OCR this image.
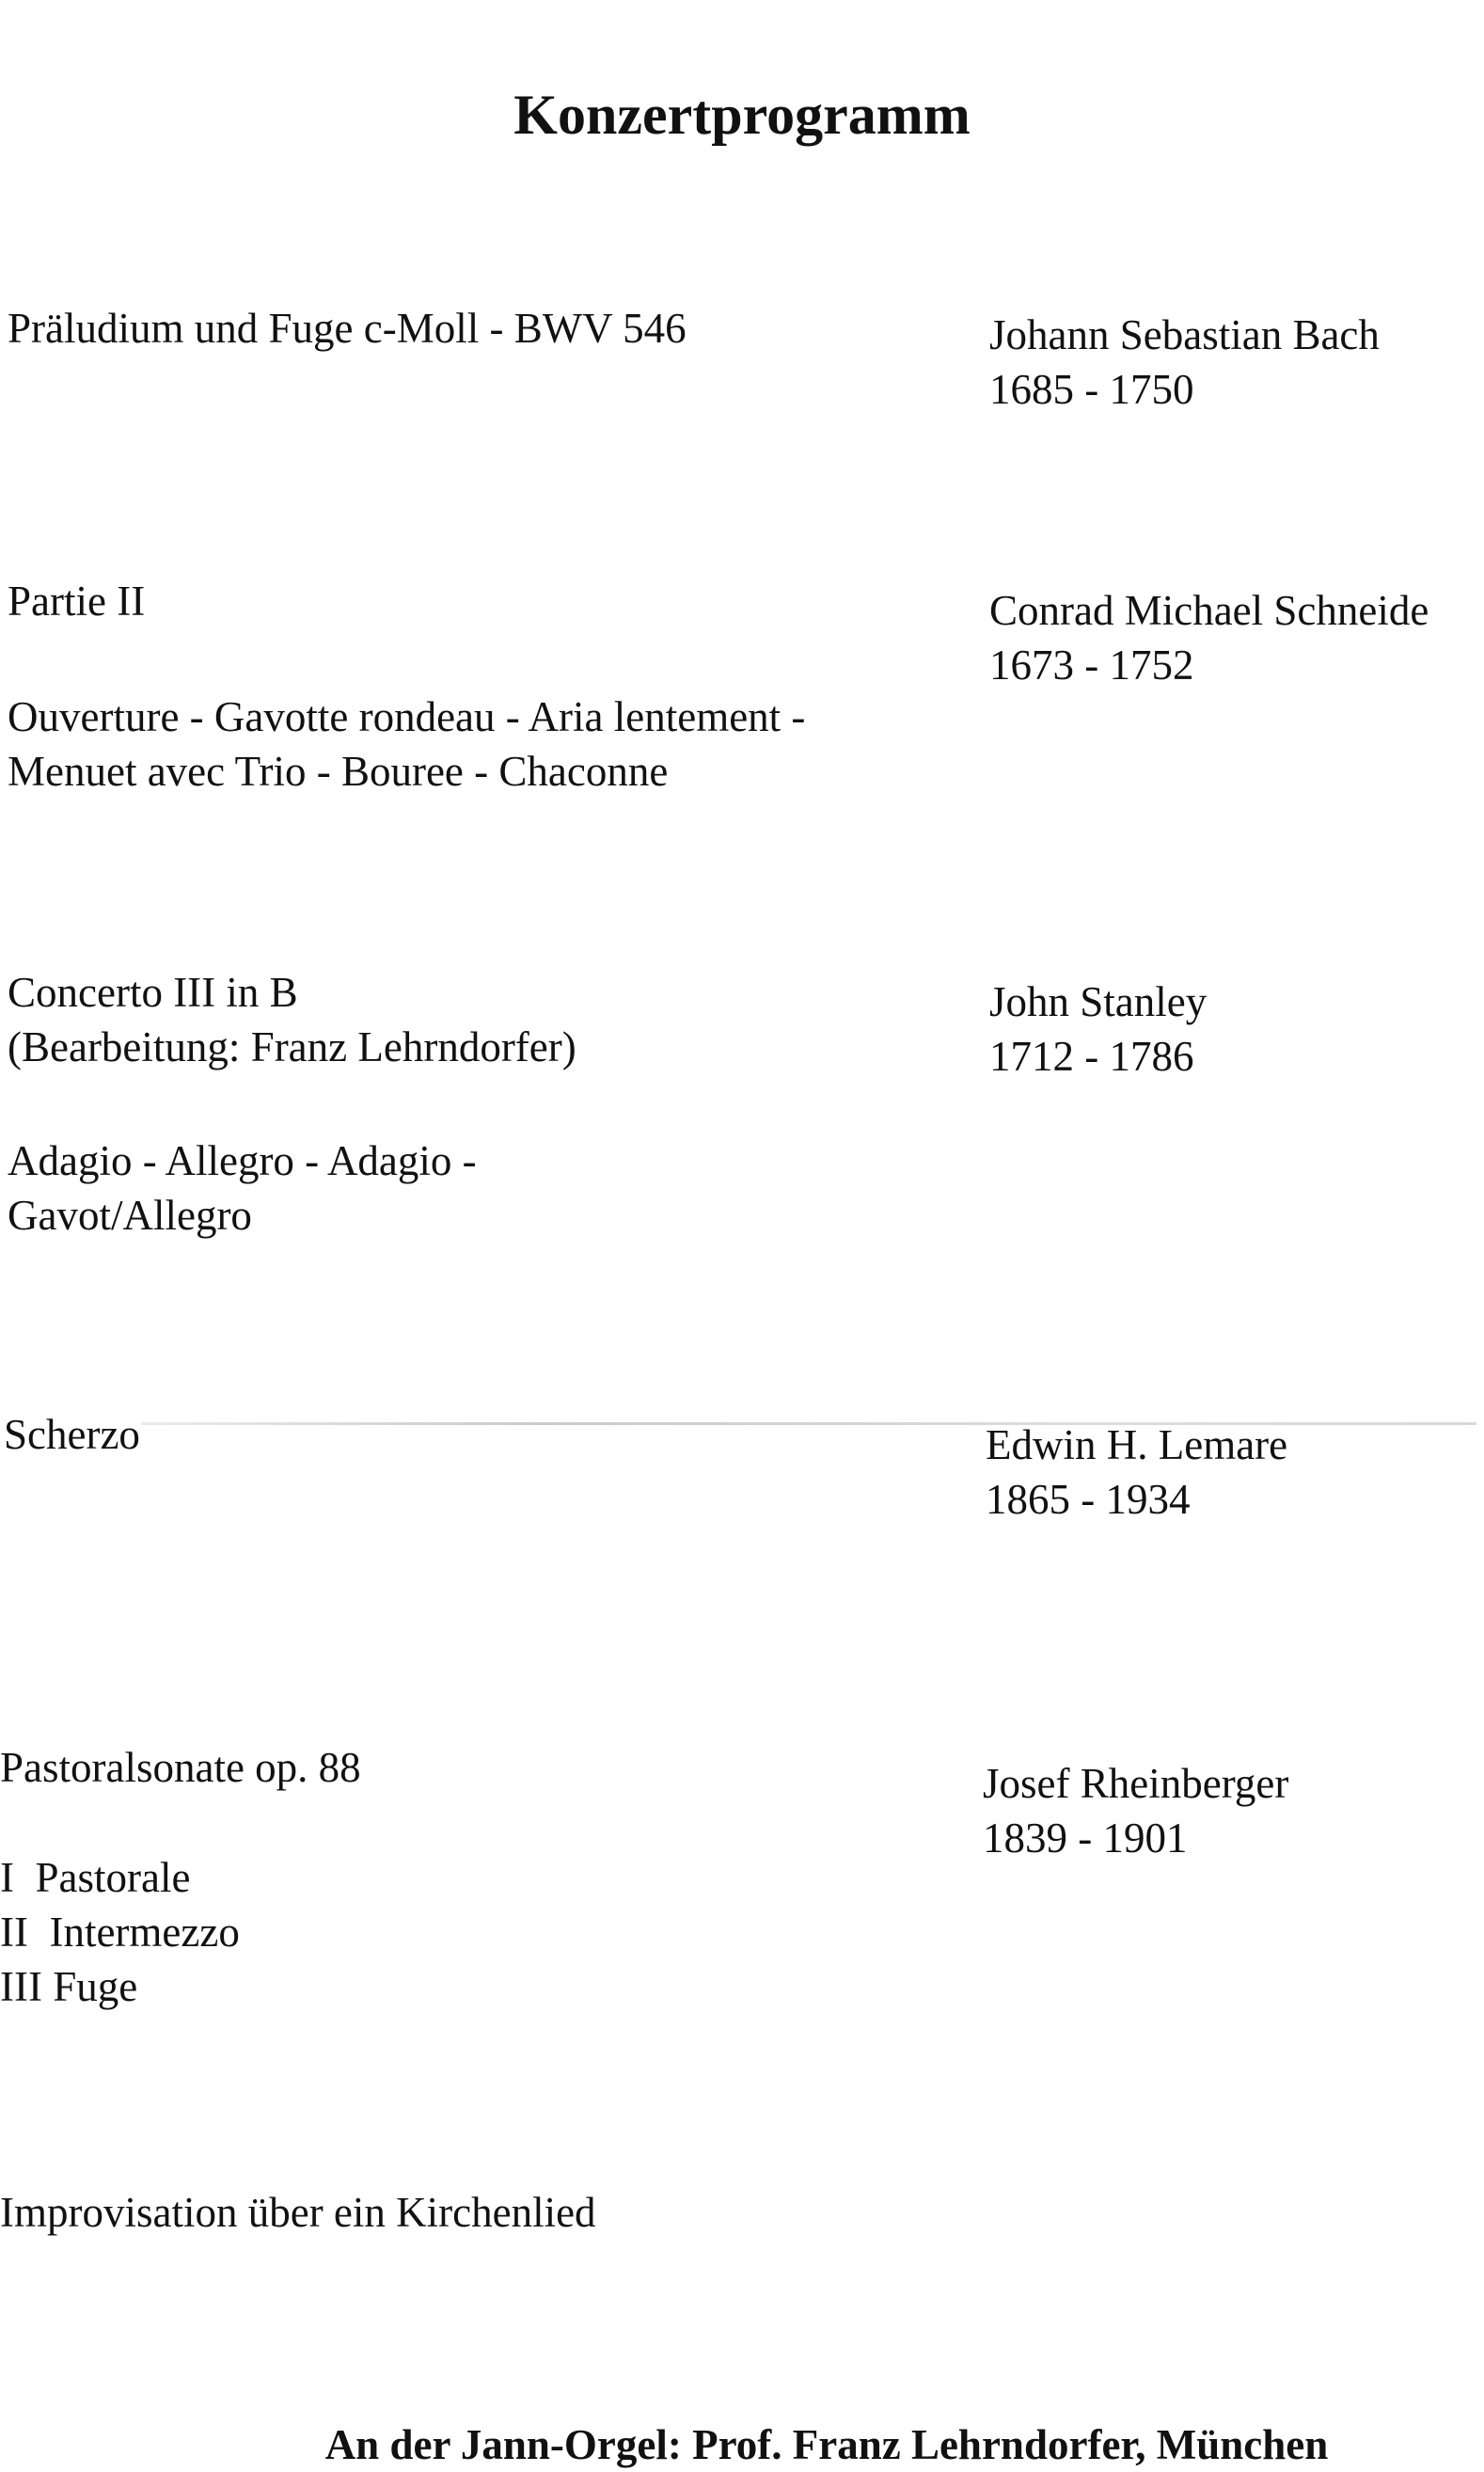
Konzertprogramm
Präludium und Fuge c-Moll - BWV 546	Johann Sebastian Bach
1685 - 1750
Partie II
Ouverture - Gavotte rondeau - Aria lentement -
Menuet avec Trio - Bouree - Chaconne
Conrad Michael Schneide
1673 - 1752
Concerto III in B
(Bearbeitung: Franz Lehrndorfer)
Adagio - Allegro - Adagio -
Gavot/Allegro
John Stanley
1712 - 1786
Scherzo	Edwin H. Lemare
1865 - 1934
Pastoralsonate op. 88
I  Pastorale
II  Intermezzo
III Fuge
Josef Rheinberger
1839 - 1901
Improvisation über ein Kirchenlied
An der Jann-Orgel: Prof. Franz Lehrndorfer, München
